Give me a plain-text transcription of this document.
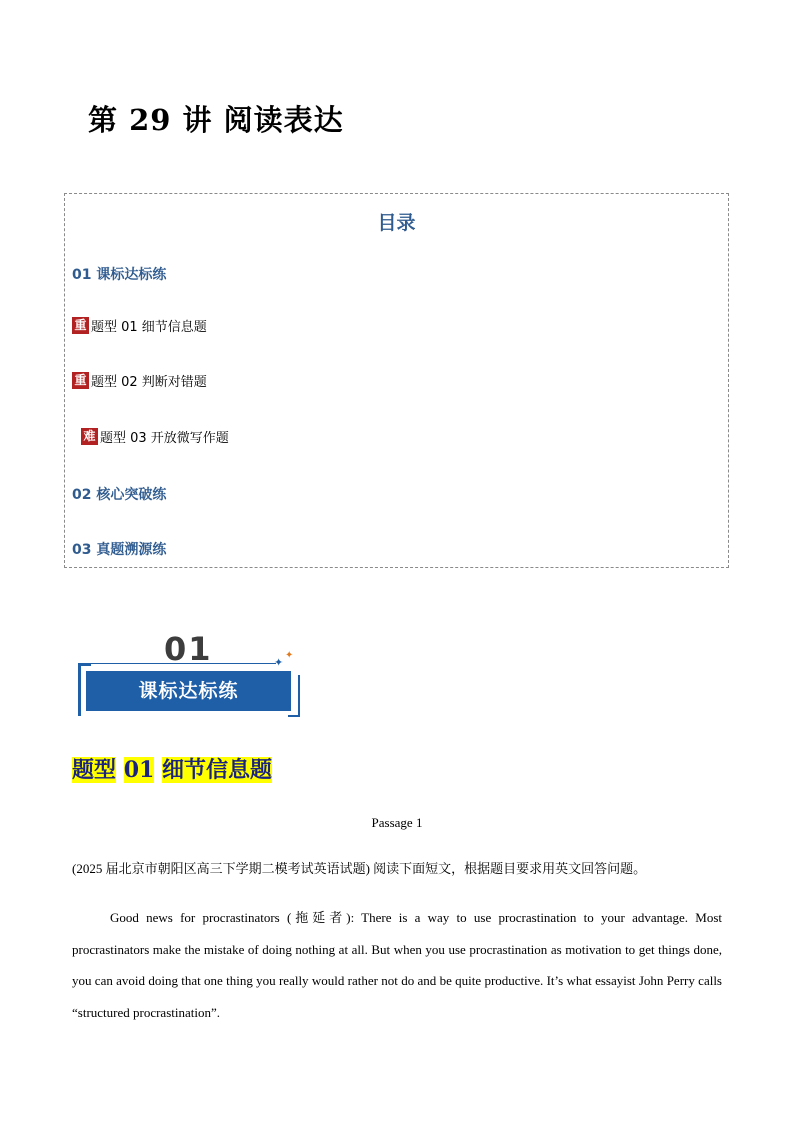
第 29 讲 阅读表达
目录
01 课标达标练
重 题型 01 细节信息题
重 题型 02 判断对错题
难 题型 03 开放微写作题
02 核心突破练
03 真题溯源练
01	✦
✦
课标达标练
题型 01 细节信息题
Passage 1
(2025 届北京市朝阳区高三下学期二模考试英语试题) 阅读下面短文，根据题目要求用英文回答问题。
Good news for procrastinators (拖延者): There is a way to use procrastination to your advantage. Most procrastinators make the mistake of doing nothing at all. But when you use procrastination as motivation to get things done, you can avoid doing that one thing you really would rather not do and be quite productive. It’s what essayist John Perry calls “structured procrastination”.
